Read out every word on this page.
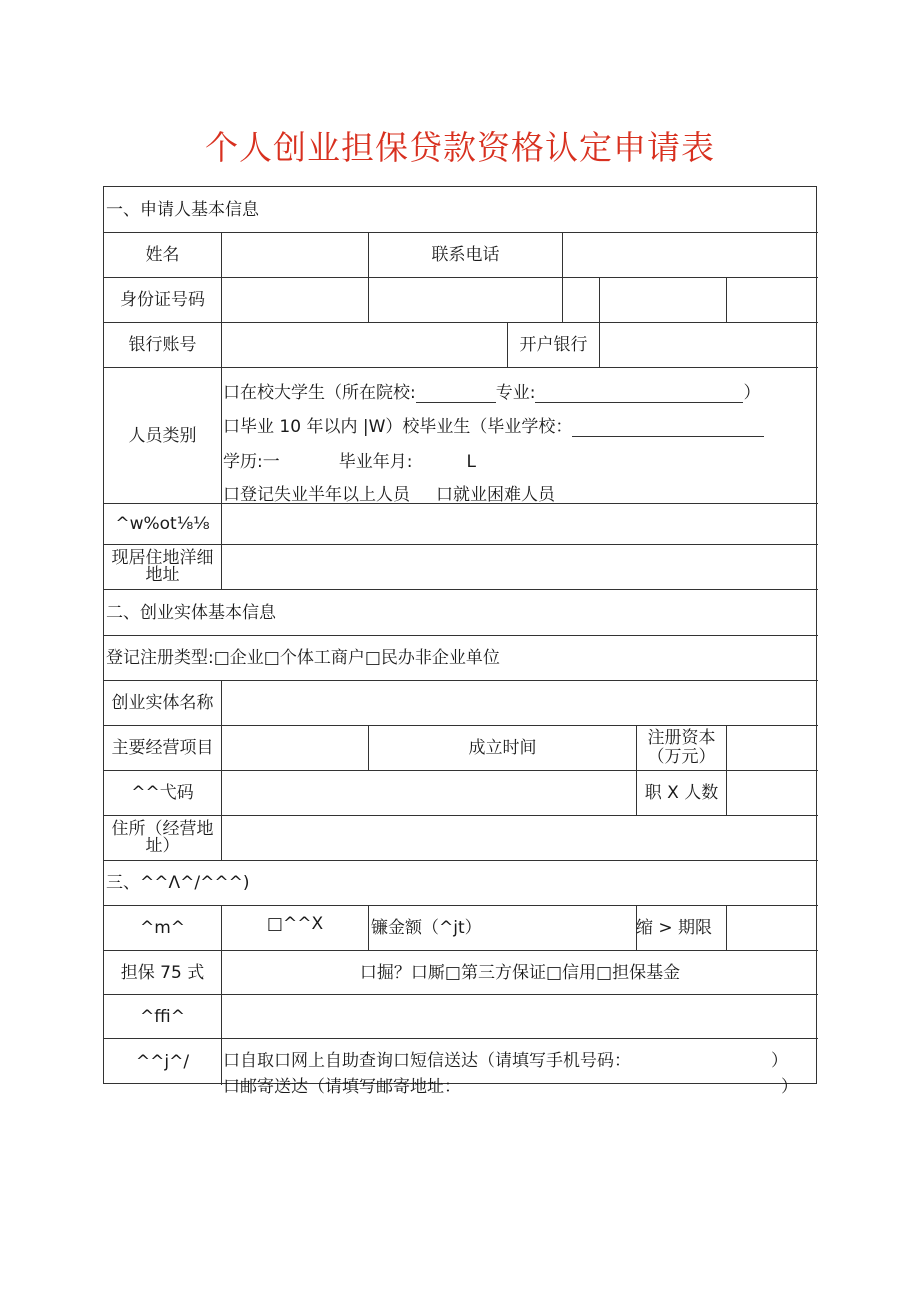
个人创业担保贷款资格认定申请表
一、申请人基本信息
姓名	联系电话
身份证号码
银行账号	开户银行
人员类别
口在校大学生（所在院校:	专业:	）
口毕业 10 年以内 |W）校毕业生（毕业学校：
学历:一	毕业年月:	L
口登记失业半年以上人员 口就业困难人员
^w%ot⅛⅛
现居住地洋细地址
二、创业实体基本信息
登记注册类型:□企业□个体工商户□民办非企业单位
创业实体名称
主要经营项目	成立时间	注册资本（万元）
^^弋码	职 X 人数
住所（经营地址）
三、^^Λ^/^^^)
^m^	□^^X	镰金额（^jt）	缩 > 期限
担保 75 式	口掘？口厮□第三方保证□信用□担保基金
^ffi^
^^j^/	口自取口网上自助查询口短信送达（请填写手机号码：	）
口邮寄送达（请填写邮寄地址：	）
